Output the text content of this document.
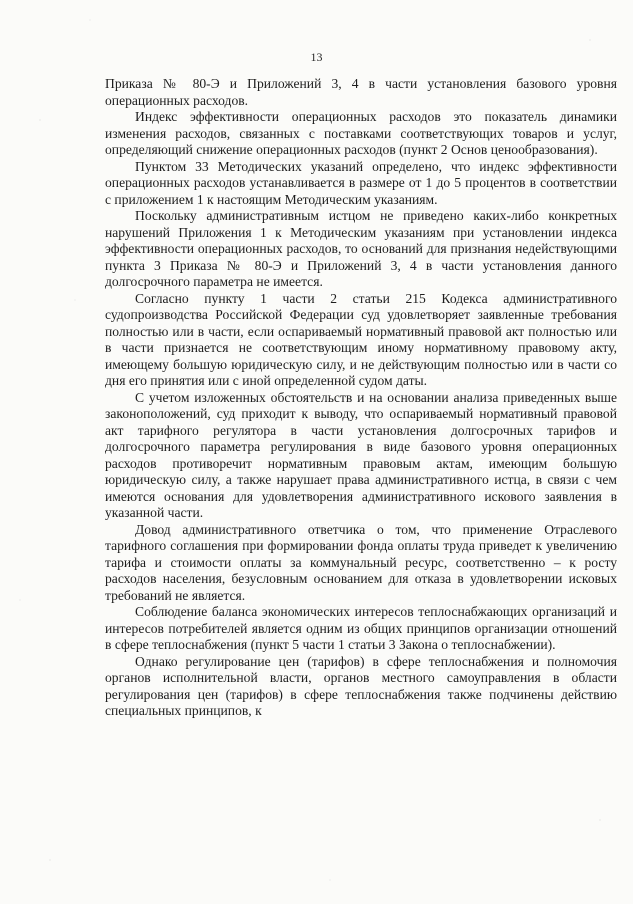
13

Приказа № 80-Э и Приложений 3, 4 в части установления базового уровня операционных расходов.

Индекс эффективности операционных расходов это показатель динамики изменения расходов, связанных с поставками соответствующих товаров и услуг, определяющий снижение операционных расходов (пункт 2 Основ ценообразования).

Пунктом 33 Методических указаний определено, что индекс эффективности операционных расходов устанавливается в размере от 1 до 5 процентов в соответствии с приложением 1 к настоящим Методическим указаниям.

Поскольку административным истцом не приведено каких-либо конкретных нарушений Приложения 1 к Методическим указаниям при установлении индекса эффективности операционных расходов, то оснований для признания недействующими пункта 3 Приказа № 80-Э и Приложений 3, 4 в части установления данного долгосрочного параметра не имеется.

Согласно пункту 1 части 2 статьи 215 Кодекса административного судопроизводства Российской Федерации суд удовлетворяет заявленные требования полностью или в части, если оспариваемый нормативный правовой акт полностью или в части признается не соответствующим иному нормативному правовому акту, имеющему большую юридическую силу, и не действующим полностью или в части со дня его принятия или с иной определенной судом даты.

С учетом изложенных обстоятельств и на основании анализа приведенных выше законоположений, суд приходит к выводу, что оспариваемый нормативный правовой акт тарифного регулятора в части установления долгосрочных тарифов и долгосрочного параметра регулирования в виде базового уровня операционных расходов противоречит нормативным правовым актам, имеющим большую юридическую силу, а также нарушает права административного истца, в связи с чем имеются основания для удовлетворения административного искового заявления в указанной части.

Довод административного ответчика о том, что применение Отраслевого тарифного соглашения при формировании фонда оплаты труда приведет к увеличению тарифа и стоимости оплаты за коммунальный ресурс, соответственно – к росту расходов населения, безусловным основанием для отказа в удовлетворении исковых требований не является.

Соблюдение баланса экономических интересов теплоснабжающих организаций и интересов потребителей является одним из общих принципов организации отношений в сфере теплоснабжения (пункт 5 части 1 статьи 3 Закона о теплоснабжении).

Однако регулирование цен (тарифов) в сфере теплоснабжения и полномочия органов исполнительной власти, органов местного самоуправления в области регулирования цен (тарифов) в сфере теплоснабжения также подчинены действию специальных принципов, к
